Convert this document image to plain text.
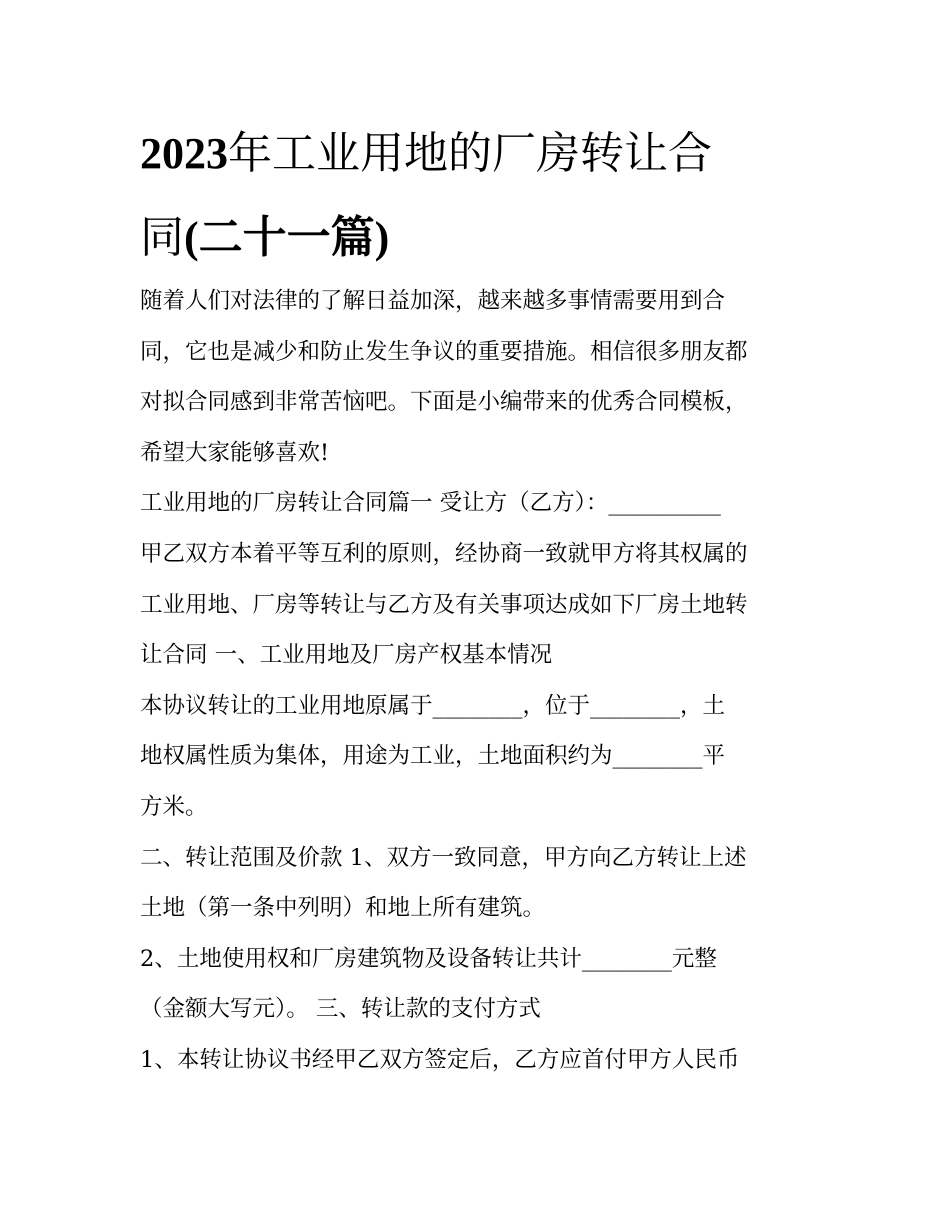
2023年工业用地的厂房转让合
同(二十一篇)
随着人们对法律的了解日益加深，越来越多事情需要用到合
同，它也是减少和防止发生争议的重要措施。相信很多朋友都
对拟合同感到非常苦恼吧。下面是小编带来的优秀合同模板，
希望大家能够喜欢!
工业用地的厂房转让合同篇一 受让方（乙方）：__________
甲乙双方本着平等互利的原则，经协商一致就甲方将其权属的
工业用地、厂房等转让与乙方及有关事项达成如下厂房土地转
让合同 一、工业用地及厂房产权基本情况
本协议转让的工业用地原属于________，位于________，土
地权属性质为集体，用途为工业，土地面积约为________平
方米。
二、转让范围及价款 1、双方一致同意，甲方向乙方转让上述
土地（第一条中列明）和地上所有建筑。
2、土地使用权和厂房建筑物及设备转让共计________元整
（金额大写元）。 三、转让款的支付方式
1、本转让协议书经甲乙双方签定后，乙方应首付甲方人民币
